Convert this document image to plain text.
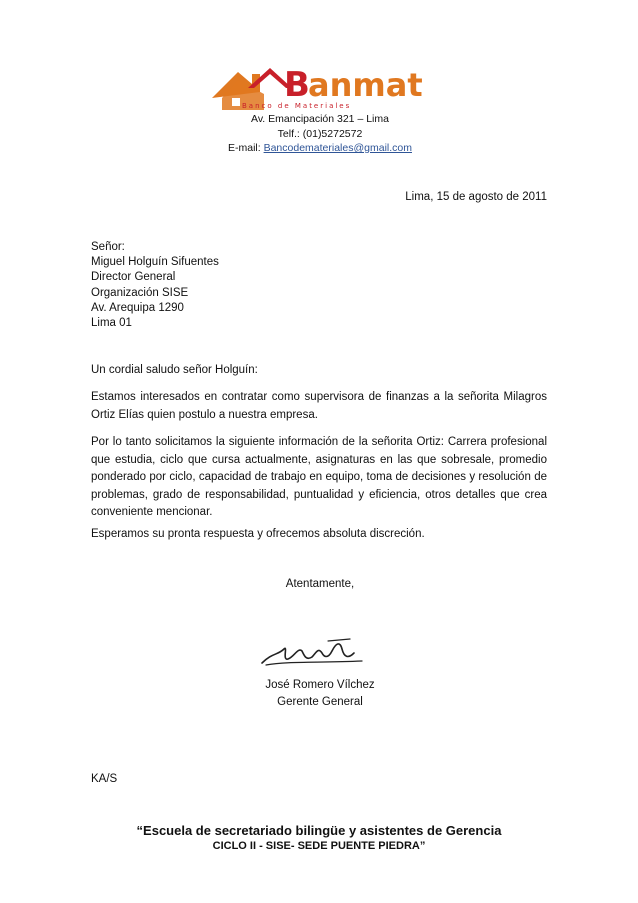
B
anmat
Banco de Materiales
Av. Emancipación 321 – Lima
Telf.: (01)5272572
E-mail: Bancodemateriales@gmail.com
Lima, 15 de agosto de 2011
Señor:
Miguel Holguín Sifuentes
Director General
Organización SISE
Av. Arequipa 1290
Lima 01

Un cordial saludo señor Holguín:

Estamos interesados en contratar como supervisora de finanzas a la señorita Milagros Ortiz Elías quien postulo a nuestra empresa.

Por lo tanto solicitamos la siguiente información de la señorita Ortiz: Carrera profesional que estudia, ciclo que cursa actualmente, asignaturas en las que sobresale, promedio ponderado por ciclo, capacidad de trabajo en equipo, toma de decisiones y resolución de problemas, grado de responsabilidad, puntualidad y eficiencia, otros detalles que crea conveniente mencionar.

Esperamos su pronta respuesta y ofrecemos absoluta discreción.

Atentamente,
José Romero Vílchez
Gerente General
KA/S
“Escuela de secretariado bilingüe y asistentes de Gerencia
CICLO II - SISE- SEDE PUENTE PIEDRA”
